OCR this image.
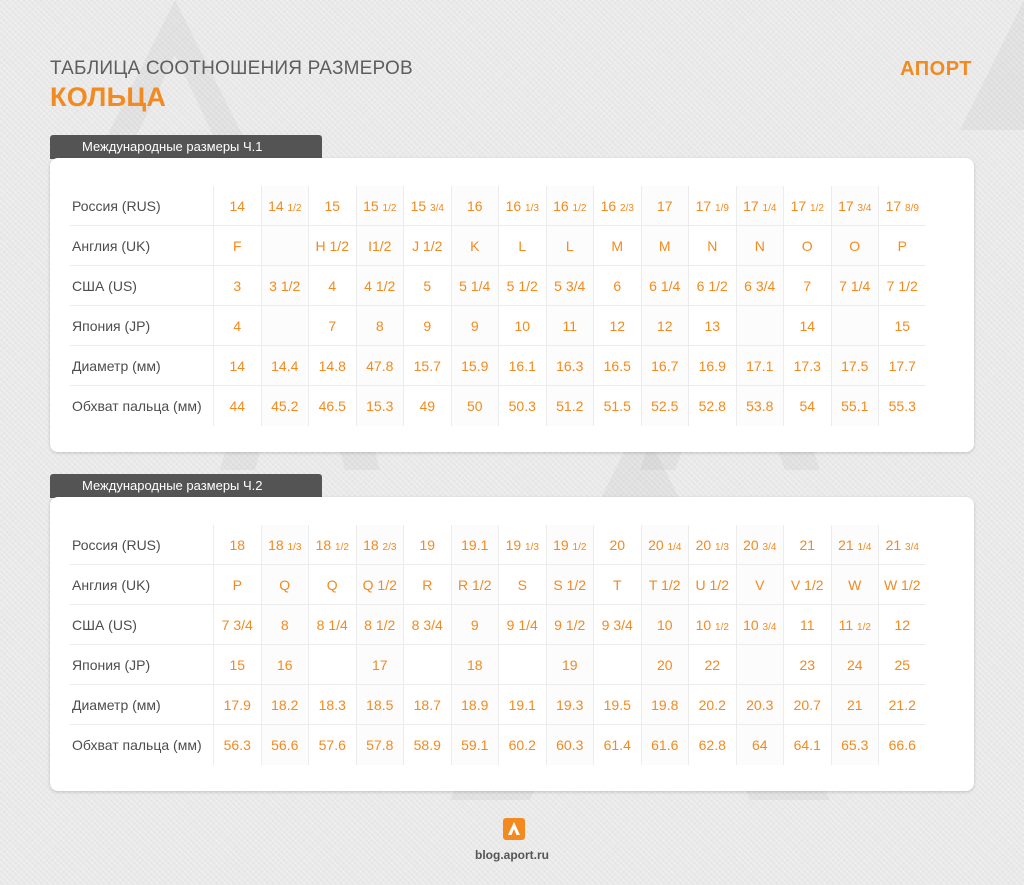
ТАБЛИЦА СООТНОШЕНИЯ РАЗМЕРОВ
КОЛЬЦА
АПОРТ
Международные размеры Ч.1
Россия (RUS)	14	14 1/2	15	15 1/2	15 3/4	16	16 1/3	16 1/2	16 2/3	17	17 1/9	17 1/4	17 1/2	17 3/4	17 8/9
Англия (UK)	F		H 1/2	I1/2	J 1/2	K	L	L	M	M	N	N	O	O	P
США (US)	3	3 1/2	4	4 1/2	5	5 1/4	5 1/2	5 3/4	6	6 1/4	6 1/2	6 3/4	7	7 1/4	7 1/2
Япония (JP)	4		7	8	9	9	10	11	12	12	13		14		15
Диаметр (мм)	14	14.4	14.8	47.8	15.7	15.9	16.1	16.3	16.5	16.7	16.9	17.1	17.3	17.5	17.7
Обхват пальца (мм)	44	45.2	46.5	15.3	49	50	50.3	51.2	51.5	52.5	52.8	53.8	54	55.1	55.3
Международные размеры Ч.2
Россия (RUS)	18	18 1/3	18 1/2	18 2/3	19	19.1	19 1/3	19 1/2	20	20 1/4	20 1/3	20 3/4	21	21 1/4	21 3/4
Англия (UK)	P	Q	Q	Q 1/2	R	R 1/2	S	S 1/2	T	T 1/2	U 1/2	V	V 1/2	W	W 1/2
США (US)	7 3/4	8	8 1/4	8 1/2	8 3/4	9	9 1/4	9 1/2	9 3/4	10	10 1/2	10 3/4	11	11 1/2	12
Япония (JP)	15	16		17		18		19		20	22		23	24	25
Диаметр (мм)	17.9	18.2	18.3	18.5	18.7	18.9	19.1	19.3	19.5	19.8	20.2	20.3	20.7	21	21.2
Обхват пальца (мм)	56.3	56.6	57.6	57.8	58.9	59.1	60.2	60.3	61.4	61.6	62.8	64	64.1	65.3	66.6
blog.aport.ru
